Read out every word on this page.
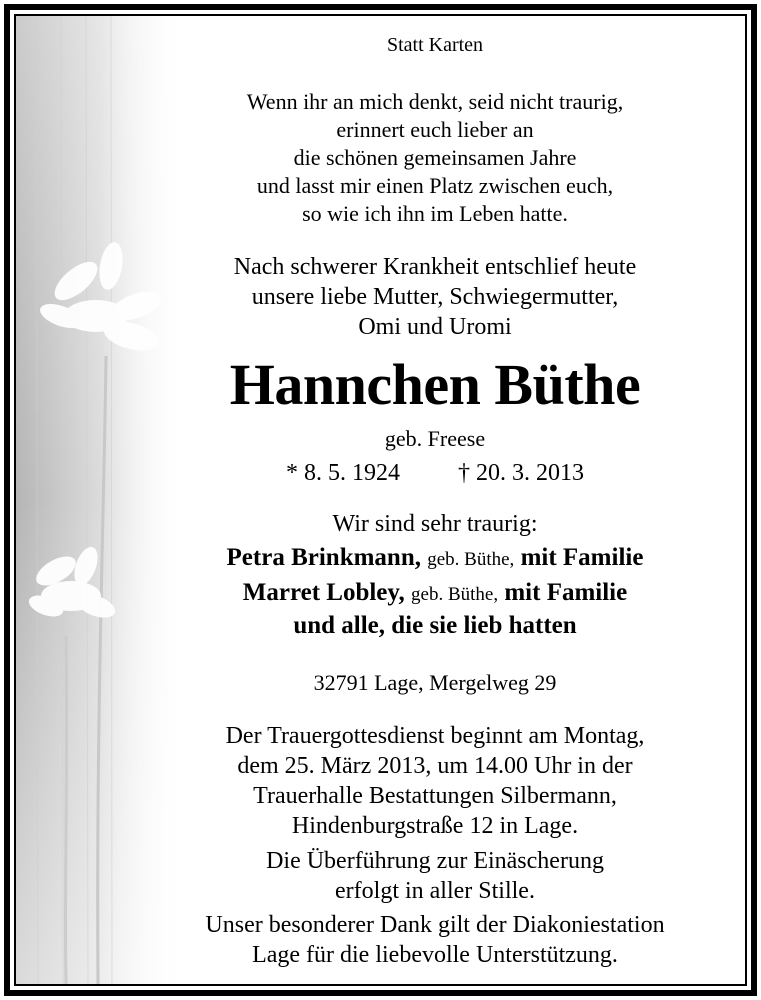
Statt Karten
Wenn ihr an mich denkt, seid nicht traurig,
erinnert euch lieber an
die schönen gemeinsamen Jahre
und lasst mir einen Platz zwischen euch,
so wie ich ihn im Leben hatte.
Nach schwerer Krankheit entschlief heute
unsere liebe Mutter, Schwiegermutter,
Omi und Uromi
Hannchen Büthe
geb. Freese
* 8. 5. 1924 † 20. 3. 2013
Wir sind sehr traurig:
Petra Brinkmann, geb. Büthe, mit Familie
Marret Lobley, geb. Büthe, mit Familie
und alle, die sie lieb hatten
32791 Lage, Mergelweg 29
Der Trauergottesdienst beginnt am Montag,
dem 25. März 2013, um 14.00 Uhr in der
Trauerhalle Bestattungen Silbermann,
Hindenburgstraße 12 in Lage.
Die Überführung zur Einäscherung
erfolgt in aller Stille.
Unser besonderer Dank gilt der Diakoniestation
Lage für die liebevolle Unterstützung.
